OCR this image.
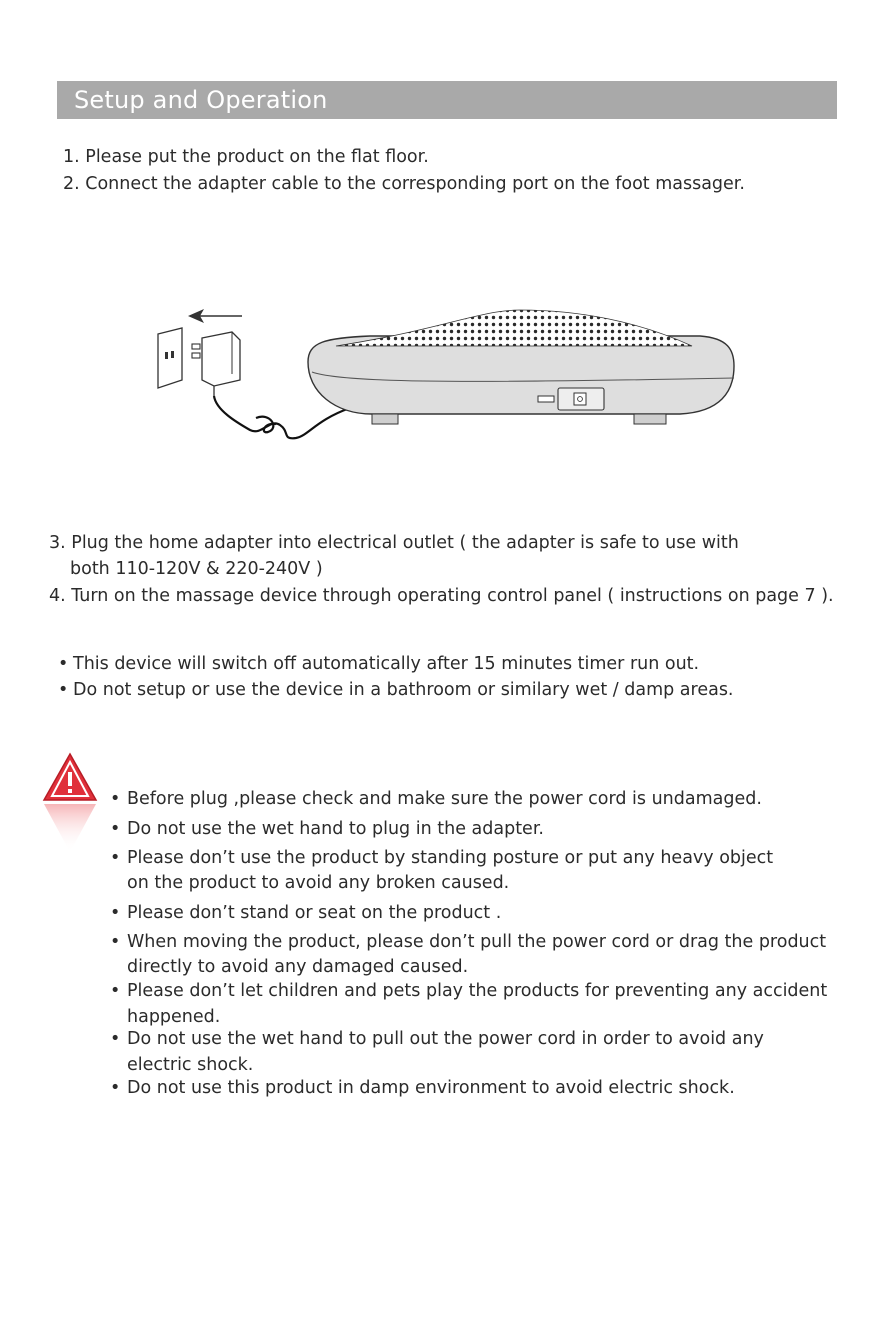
Setup and Operation
1. Please put the product on the flat floor.
2. Connect the adapter cable to the corresponding port on the foot massager.
3. Plug the home adapter into electrical outlet ( the adapter is safe to use with
both 110-120V & 220-240V )
4. Turn on the massage device through operating control panel ( instructions on page 7 ).
• This device will switch off automatically after 15 minutes timer run out.
• Do not setup or use the device in a bathroom or similary wet / damp areas.
• Before plug ,please check and make sure the power cord is undamaged.
• Do not use the wet hand to plug in the adapter.
• Please don’t use the product by standing posture or put any heavy object
on the product to avoid any broken caused.
• Please don’t stand or seat on the product .
• When moving the product, please don’t pull the power cord or drag the product
directly to avoid any damaged caused.
• Please don’t let children and pets play the products for preventing any accident
happened.
• Do not use the wet hand to pull out the power cord in order to avoid any
electric shock.
• Do not use this product in damp environment to avoid electric shock.
